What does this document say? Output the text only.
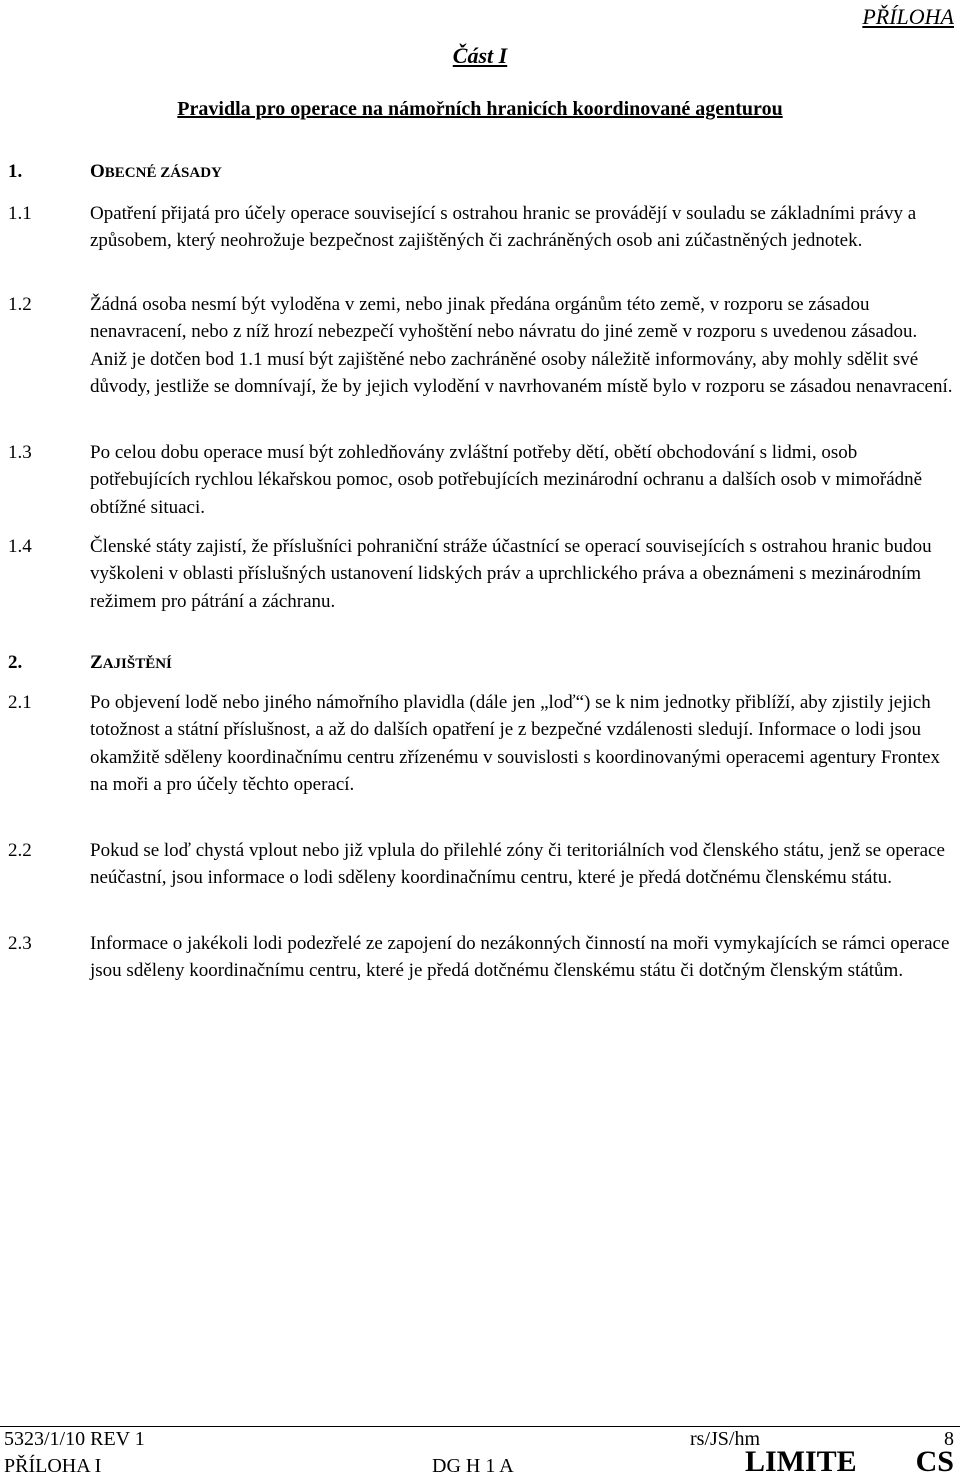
PŘÍLOHA
Část I
Pravidla pro operace na námořních hranicích koordinované agenturou
1.	OBECNÉ ZÁSADY
1.1	Opatření přijatá pro účely operace související s ostrahou hranic se provádějí v souladu se základními právy a způsobem, který neohrožuje bezpečnost zajištěných či zachráněných osob ani zúčastněných jednotek.
1.2	Žádná osoba nesmí být vyloděna v zemi, nebo jinak předána orgánům této země, v rozporu se zásadou nenavracení, nebo z níž hrozí nebezpečí vyhoštění nebo návratu do jiné země v rozporu s uvedenou zásadou. Aniž je dotčen bod 1.1 musí být zajištěné nebo zachráněné osoby náležitě informovány, aby mohly sdělit své důvody, jestliže se domnívají, že by jejich vylodění v navrhovaném místě bylo v rozporu se zásadou nenavracení.
1.3	Po celou dobu operace musí být zohledňovány zvláštní potřeby dětí, obětí obchodování s lidmi, osob potřebujících rychlou lékařskou pomoc, osob potřebujících mezinárodní ochranu a dalších osob v mimořádně obtížné situaci.
1.4	Členské státy zajistí, že příslušníci pohraniční stráže účastnící se operací souvisejících s ostrahou hranic budou vyškoleni v oblasti příslušných ustanovení lidských práv a uprchlického práva a obeznámeni s mezinárodním režimem pro pátrání a záchranu.
2.	ZAJIŠTĚNÍ
2.1	Po objevení lodě nebo jiného námořního plavidla (dále jen „loď“) se k nim jednotky přiblíží, aby zjistily jejich totožnost a státní příslušnost, a až do dalších opatření je z bezpečné vzdálenosti sledují. Informace o lodi jsou okamžitě sděleny koordinačnímu centru zřízenému v souvislosti s koordinovanými operacemi agentury Frontex na moři a pro účely těchto operací.
2.2	Pokud se loď chystá vplout nebo již vplula do přilehlé zóny či teritoriálních vod členského státu, jenž se operace neúčastní, jsou informace o lodi sděleny koordinačnímu centru, které je předá dotčnému členskému státu.
2.3	Informace o jakékoli lodi podezřelé ze zapojení do nezákonných činností na moři vymykajících se rámci operace jsou sděleny koordinačnímu centru, které je předá dotčnému členskému státu či dotčným členským státům.
5323/1/10 REV 1	rs/JS/hm	8
PŘÍLOHA I	DG H 1 A	LIMITE CS
